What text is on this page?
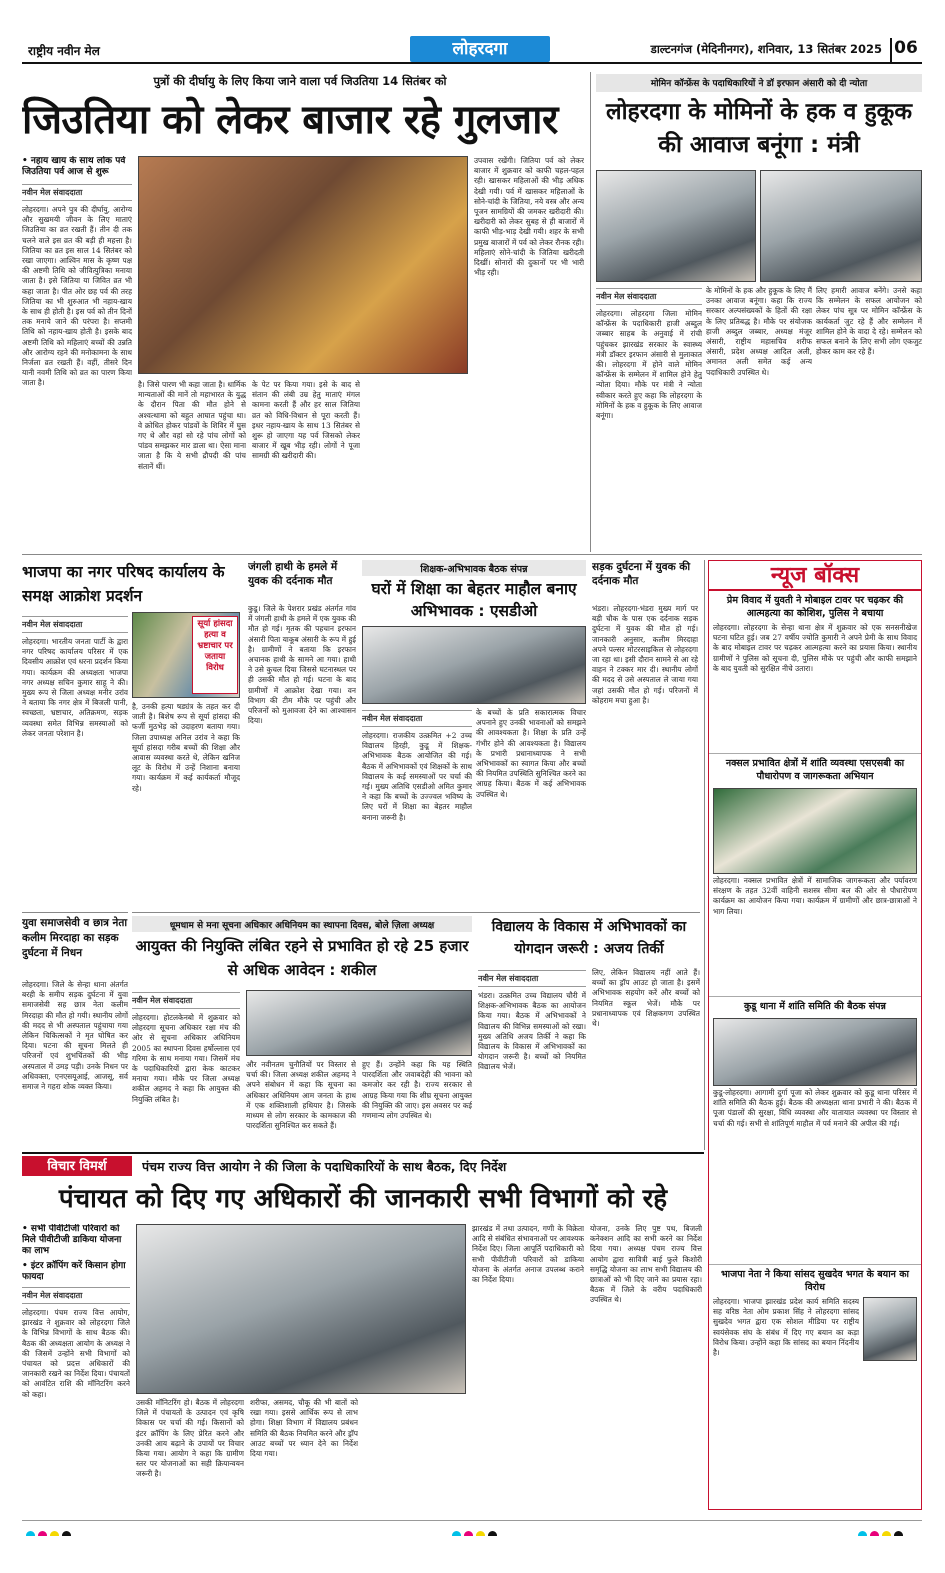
राष्ट्रीय नवीन मेल	लोहरदगा	डाल्टनगंज (मेदिनीनगर), शनिवार, 13 सितंबर 2025 06
पुत्रों की दीर्घायु के लिए किया जाने वाला पर्व जिउतिया 14 सितंबर को
जिउतिया को लेकर बाजार रहे गुलजार
• नहाय खाय के साथ लोक पर्व जिउतिया पर्व आज से शुरू
नवीन मेल संवाददाता
लोहरदगा। अपने पुत्र की दीर्घायु, आरोग्य और सुखमयी जीवन के लिए माताएं जिउतिया का व्रत रखती हैं। तीन दी तक चलने वाले इस व्रत की बड़ी ही महत्ता है। जितिया का व्रत इस साल 14 सितंबर को रखा जाएगा। आश्विन मास के कृष्ण पक्ष की अष्टमी तिथि को जीवित्पुत्रिका मनाया जाता है। इसे जितिया या जिवित व्रत भी कहा जाता है। पीत ओर छह पर्व की तरह जितिया का भी शुरुआत भी नहाय-खाय के साथ ही होती है। इस पर्व को तीन दिनों तक मनाये जाने की परंपरा है। सप्तमी तिथि को नहाय-खाय होती है। इसके बाद अष्टमी तिथि को महिलाएं बच्चों की उन्नति और आरोग्य रहने की मनोकामना के साथ निर्जला व्रत रखती हैं। वहीं, तीसरे दिन यानी नवमी तिथि को व्रत का पारण किया जाता है।	है। जिसे पारण भी कहा जाता है। धार्मिक मान्यताओं की मानें तो महाभारत के युद्ध के दौरान पिता की मौत होने से अश्वत्थामा को बहुत आघात पहुंचा था। वे क्रोधित होकर पांडवों के शिविर में घुस गए थे और वहां सो रहे पांच लोगों को पांडव समझकर मार डाला था। ऐसा माना जाता है कि ये सभी द्रौपदी की पांच संतानें थीं।
के पेट पर किया गया। इसे के बाद से संतान की लंबी उम्र हेतु माताएं मंगल कामना करती हैं और हर साल जितिया व्रत को विधि-विधान से पूरा करती हैं। इधर नहाय-खाय के साथ 13 सितंबर से शुरू हो जाएगा यह पर्व जिसको लेकर बाजार में खूब भीड़ रही। लोगों ने पूजा सामग्री की खरीदारी की।
उपवास रखेंगी। जितिया पर्व को लेकर बाजार में शुक्रवार को काफी चहल-पहल रही। खासकर महिलाओं की भीड़ अधिक देखी गयी। पर्व में खासकर महिलाओं के सोने-चांदी के जितिया, नये वस्त्र और अन्य पूजन सामग्रियों की जमकर खरीदारी की। खरीदारी को लेकर सुबह से ही बाजारों में काफी भीड़-भाड़ देखी गयी। शहर के सभी प्रमुख बाजारों में पर्व को लेकर रौनक रही। महिलाएं सोने-चांदी के जितिया खरीदती दिखीं। सोनारों की दुकानों पर भी भारी भीड़ रही।
मोमिन कॉन्फ्रेंस के पदाधिकारियों ने डॉ इरफान अंसारी को दी न्योता
लोहरदगा के मोमिनों के हक व हुकूक की आवाज बनूंगा : मंत्री
नवीन मेल संवाददाता
लोहरदगा। लोहरदगा जिला मोमिन कॉन्फ्रेंस के पदाधिकारी हाजी अब्दुल जब्बार साहब के अनुवाई में रांची पहुंचकर झारखंड सरकार के स्वास्थ्य मंत्री डॉक्टर इरफान अंसारी से मुलाकात की। लोहरदगा में होने वाले मोमिन कॉन्फ्रेंस के सम्मेलन में शामिल होने हेतु न्योता दिया। मौके पर मंत्री ने न्योता स्वीकार करते हुए कहा कि लोहरदगा के मोमिनों के हक व हुकूक के लिए आवाज बनूंगा।
के मोमिनों के हक और हुकूक के लिए मैं उनका आवाज बनूंगा। कहा कि राज्य सरकार अल्पसंख्यकों के हितों की रक्षा के लिए प्रतिबद्ध है। मौके पर संयोजक हाजी अब्दुल जब्बार, अध्यक्ष मंजूर अंसारी, राष्ट्रीय महासचिव शरीफ अंसारी, प्रदेश अध्यक्ष आदिल अली, अमानत अली समेत कई अन्य पदाधिकारी उपस्थित थे।
लिए हमारी आवाज बनेंगे। उनसे कहा कि सम्मेलन के सफल आयोजन को लेकर पांच सूत्र पर मोमिन कॉन्फ्रेंस के कार्यकर्ता जुट रहे हैं और सम्मेलन में शामिल होने के वादा दे रहे। सम्मेलन को सफल बनाने के लिए सभी लोग एकजुट होकर काम कर रहे हैं।
भाजपा का नगर परिषद कार्यालय के समक्ष आक्रोश प्रदर्शन
सूर्या हांसदा हत्या व भ्रष्टाचार पर जताया विरोध
नवीन मेल संवाददाता
लोहरदगा। भारतीय जनता पार्टी के द्वारा नगर परिषद कार्यालय परिसर में एक दिवसीय आक्रोश एवं धरना प्रदर्शन किया गया। कार्यक्रम की अध्यक्षता भाजपा नगर अध्यक्ष सचिन कुमार साहू ने की। मुख्य रूप से जिला अध्यक्ष मनीर उरांव ने बताया कि नगर क्षेत्र में बिजली पानी, स्वच्छता, भ्रष्टाचार, अतिक्रमण, सड़क व्यवस्था समेत विभिन्न समस्याओं को लेकर जनता परेशान है।
है, उनकी हत्या षड्यंत्र के तहत कर दी जाती है। बिशेष रूप से सूर्या हांसदा की फर्जी मुठभेड़ को उदाहरण बताया गया। जिला उपाध्यक्ष अनिल उरांव ने कहा कि सूर्या हांसदा गरीब बच्चों की शिक्षा और आवास व्यवस्था करते थे, लेकिन खनिज लूट के विरोध में उन्हें निशाना बनाया गया। कार्यक्रम में कई कार्यकर्ता मौजूद रहे।
युवा समाजसेवी व छात्र नेता कलीम मिरदाहा का सड़क दुर्घटना में निधन
लोहरदगा। जिले के सेन्हा थाना अंतर्गत बरही के समीप सड़क दुर्घटना में युवा समाजसेवी सह छात्र नेता कलीम मिरदाहा की मौत हो गयी। स्थानीय लोगों की मदद से भी अस्पताल पहुंचाया गया लेकिन चिकित्सकों ने मृत घोषित कर दिया। घटना की सूचना मिलते ही परिजनों एवं शुभचिंतकों की भीड़ अस्पताल में उमड़ पड़ी। उनके निधन पर अधिवक्ता, एनएसयूआई, आजसू, सर्व समाज ने गहरा शोक व्यक्त किया।
जंगली हाथी के हमले में युवक की दर्दनाक मौत
कुडू। जिले के पेशरार प्रखंड अंतर्गत गांव में जंगली हाथी के हमले में एक युवक की मौत हो गई। मृतक की पहचान इरफान अंसारी पिता याकूब अंसारी के रूप में हुई है। ग्रामीणों ने बताया कि इरफान अचानक हाथी के सामने आ गया। हाथी ने उसे कुचल दिया जिससे घटनास्थल पर ही उसकी मौत हो गई। घटना के बाद ग्रामीणों में आक्रोश देखा गया। वन विभाग की टीम मौके पर पहुंची और परिजनों को मुआवजा देने का आश्वासन दिया।
शिक्षक-अभिभावक बैठक संपन्न
घरों में शिक्षा का बेहतर माहौल बनाए अभिभावक : एसडीओ
नवीन मेल संवाददाता
लोहरदगा। राजकीय उत्क्रमित +2 उच्च विद्यालय हिरही, कुडू में शिक्षक-अभिभावक बैठक आयोजित की गई। बैठक में अभिभावकों एवं शिक्षकों के साथ विद्यालय के कई समस्याओं पर चर्चा की गई। मुख्य अतिथि एसडीओ अमित कुमार ने कहा कि बच्चों के उज्ज्वल भविष्य के लिए घरों में शिक्षा का बेहतर माहौल बनाना जरूरी है।
के बच्चों के प्रति सकारात्मक विचार अपनाने हुए उनकी भावनाओं को समझने की आवश्यकता है। शिक्षा के प्रति उन्हें गंभीर होने की आवश्यकता है। विद्यालय के प्रभारी प्रधानाध्यापक ने सभी अभिभावकों का स्वागत किया और बच्चों की नियमित उपस्थिति सुनिश्चित करने का आग्रह किया। बैठक में कई अभिभावक उपस्थित थे।
सड़क दुर्घटना में युवक की दर्दनाक मौत
भंडरा। लोहरदगा-भंडरा मुख्य मार्ग पर बड़ी चौक के पास एक दर्दनाक सड़क दुर्घटना में युवक की मौत हो गई। जानकारी अनुसार, कलीम मिरदाहा अपने पल्सर मोटरसाइकिल से लोहरदगा जा रहा था। इसी दौरान सामने से आ रहे वाहन ने टक्कर मार दी। स्थानीय लोगों की मदद से उसे अस्पताल ले जाया गया जहां उसकी मौत हो गई। परिजनों में कोहराम मचा हुआ है।
न्यूज बॉक्स
प्रेम विवाद में युवती ने मोबाइल टावर पर चढ़कर की आत्महत्या का कोशिश, पुलिस ने बचाया
लोहरदगा। लोहरदगा के सेन्हा थाना क्षेत्र में शुक्रवार को एक सनसनीखेज घटना घटित हुई। जब 27 वर्षीय ज्योति कुमारी ने अपने प्रेमी के साथ विवाद के बाद मोबाइल टावर पर चढ़कर आत्महत्या करने का प्रयास किया। स्थानीय ग्रामीणों ने पुलिस को सूचना दी, पुलिस मौके पर पहुंची और काफी समझाने के बाद युवती को सुरक्षित नीचे उतारा।
नक्सल प्रभावित क्षेत्रों में शांति व्यवस्था एसएसबी का पौधारोपण व जागरूकता अभियान
लोहरदगा। नक्सल प्रभावित क्षेत्रों में सामाजिक जागरूकता और पर्यावरण संरक्षण के तहत 32वीं वाहिनी सशस्त्र सीमा बल की ओर से पौधारोपण कार्यक्रम का आयोजन किया गया। कार्यक्रम में ग्रामीणों और छात्र-छात्राओं ने भाग लिया।
कुडू थाना में शांति समिति की बैठक संपन्न
कुडू-लोहरदगा। आगामी दुर्गा पूजा को लेकर शुक्रवार को कुडू थाना परिसर में शांति समिति की बैठक हुई। बैठक की अध्यक्षता थाना प्रभारी ने की। बैठक में पूजा पंडालों की सुरक्षा, विधि व्यवस्था और यातायात व्यवस्था पर विस्तार से चर्चा की गई। सभी से शांतिपूर्ण माहौल में पर्व मनाने की अपील की गई।
भाजपा नेता ने किया सांसद सुखदेव भगत के बयान का विरोध
लोहरदगा। भाजपा झारखंड प्रदेश कार्य समिति सदस्य सह वरिष्ठ नेता ओम प्रकाश सिंह ने लोहरदगा सांसद सुखदेव भगत द्वारा एक सोशल मीडिया पर राष्ट्रीय स्वयंसेवक संघ के संबंध में दिए गए बयान का कड़ा विरोध किया। उन्होंने कहा कि सांसद का बयान निंदनीय है।
धूमधाम से मना सूचना अधिकार अधिनियम का स्थापना दिवस, बोले ज़िला अध्यक्ष
आयुक्त की नियुक्ति लंबित रहने से प्रभावित हो रहे 25 हजार से अधिक आवेदन : शकील
नवीन मेल संवाददाता
लोहरदगा। होटलकेनबो में शुक्रवार को लोहरदगा सूचना अधिकार रक्षा मंच की ओर से सूचना अधिकार अधिनियम 2005 का स्थापना दिवस हर्षोल्लास एवं गरिमा के साथ मनाया गया। जिसमें मंच के पदाधिकारियों द्वारा केक काटकर मनाया गया। मौके पर जिला अध्यक्ष शकील अहमद ने कहा कि आयुक्त की नियुक्ति लंबित है।
और नवीनतम चुनौतियों पर विस्तार से चर्चा की। जिला अध्यक्ष शकील अहमद ने अपने संबोधन में कहा कि सूचना का अधिकार अधिनियम आम जनता के हाथ में एक शक्तिशाली हथियार है। जिसके माध्यम से लोग सरकार के कामकाज की पारदर्शिता सुनिश्चित कर सकते हैं।
हुए हैं। उन्होंने कहा कि यह स्थिति पारदर्शिता और जवाबदेही की भावना को कमजोर कर रही है। राज्य सरकार से आग्रह किया गया कि शीघ्र सूचना आयुक्त की नियुक्ति की जाए। इस अवसर पर कई गणमान्य लोग उपस्थित थे।
विद्यालय के विकास में अभिभावकों का योगदान जरूरी : अजय तिर्की
नवीन मेल संवाददाता
भंडरा। उत्क्रमित उच्च विद्यालय चौरी में शिक्षक-अभिभावक बैठक का आयोजन किया गया। बैठक में अभिभावकों ने विद्यालय की विभिन्न समस्याओं को रखा। मुख्य अतिथि अजय तिर्की ने कहा कि विद्यालय के विकास में अभिभावकों का योगदान जरूरी है। बच्चों को नियमित विद्यालय भेजें।
लिए, लेकिन विद्यालय नहीं आते हैं। बच्चों का ड्रॉप आउट हो जाता है। इसमें अभिभावक सहयोग करें और बच्चों को नियमित स्कूल भेजें। मौके पर प्रधानाध्यापक एवं शिक्षकगण उपस्थित थे।
विचार विमर्श	पंचम राज्य वित्त आयोग ने की जिला के पदाधिकारियों के साथ बैठक, दिए निर्देश
पंचायत को दिए गए अधिकारों की जानकारी सभी विभागों को रहे
• सभी पीवीटीजी परिवारों को मिले पीवीटीजी डाकिया योजना का लाभ
• इंटर क्रॉपिंग करें किसान होगा फायदा
नवीन मेल संवाददाता
लोहरदगा। पंचम राज्य वित्त आयोग, झारखंड ने शुक्रवार को लोहरदगा जिले के विभिन्न विभागों के साथ बैठक की। बैठक की अध्यक्षता आयोग के अध्यक्ष ने की जिसमें उन्होंने सभी विभागों को पंचायत को प्रदत्त अधिकारों की जानकारी रखने का निर्देश दिया। पंचायतों को आवंटित राशि की मॉनिटरिंग करने को कहा।
उसकी मॉनिटरिंग हो। बैठक में लोहरदगा जिले में पंचायतों के उत्पादन एवं कृषि विकास पर चर्चा की गई। किसानों को इंटर क्रॉपिंग के लिए प्रेरित करने और उनकी आय बढ़ाने के उपायों पर विचार किया गया। आयोग ने कहा कि ग्रामीण स्तर पर योजनाओं का सही क्रियान्वयन जरूरी है।
शरीफा, असमद, चौकू की भी बातों को रखा गया। इससे आर्थिक रूप से लाभ होगा। शिक्षा विभाग में विद्यालय प्रबंधन समिति की बैठक नियमित करने और ड्रॉप आउट बच्चों पर ध्यान देने का निर्देश दिया गया।
झारखंड में तथा उत्पादन, गणी के विक्रेता आदि से संबंधित संभावनाओं पर आवश्यक निर्देश दिए। जिला आपूर्ति पदाधिकारी को सभी पीवीटीजी परिवारों को डाकिया योजना के अंतर्गत अनाज उपलब्ध कराने का निर्देश दिया।
योजना, उनके लिए पुष्ट पथ, बिजली कनेक्शन आदि का सभी करने का निर्देश दिया गया। अध्यक्ष पंचम राज्य वित्त आयोग द्वारा सावित्री बाई फुले किशोरी समृद्धि योजना का लाभ सभी विद्यालय की छात्राओं को भी दिए जाने का प्रयास रहा। बैठक में जिले के वरीय पदाधिकारी उपस्थित थे।
